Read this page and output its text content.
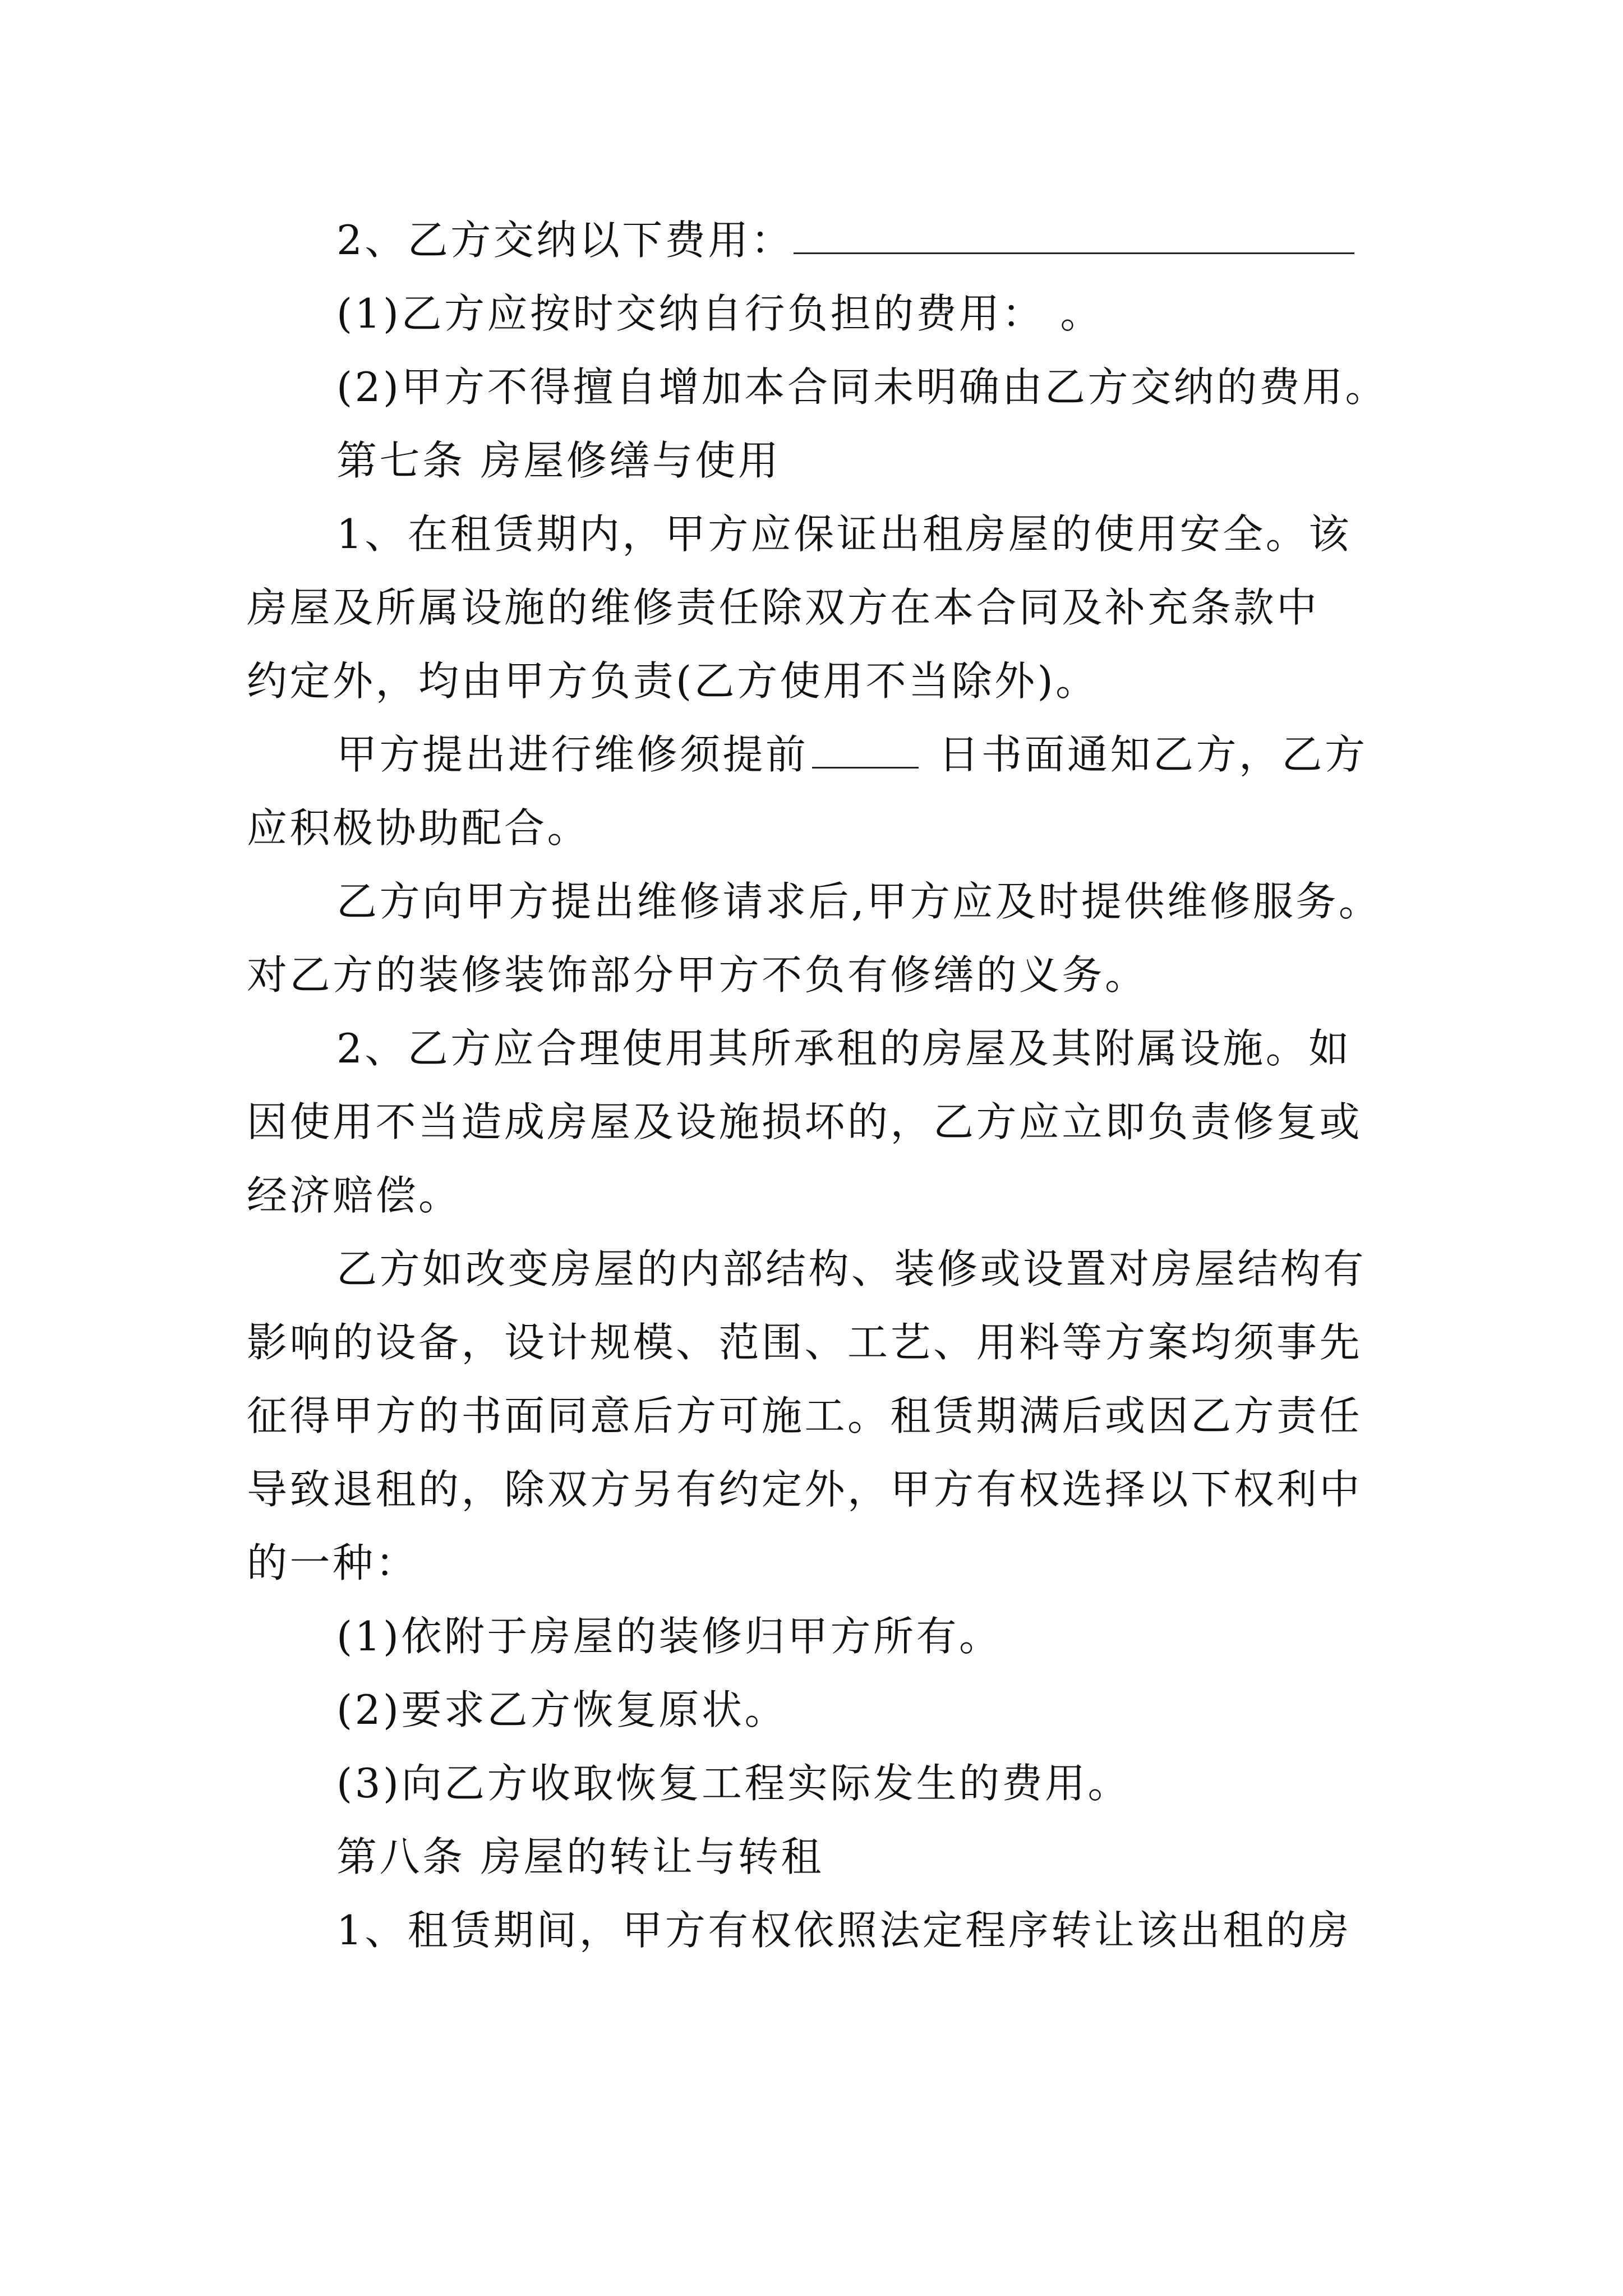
2、乙方交纳以下费用：

(1)乙方应按时交纳自行负担的费用： 。

(2)甲方不得擅自增加本合同未明确由乙方交纳的费用。

第七条 房屋修缮与使用

1、在租赁期内，甲方应保证出租房屋的使用安全。该

房屋及所属设施的维修责任除双方在本合同及补充条款中

约定外，均由甲方负责(乙方使用不当除外)。

甲方提出进行维修须提前	日书面通知乙方，乙方

应积极协助配合。

乙方向甲方提出维修请求后,甲方应及时提供维修服务。

对乙方的装修装饰部分甲方不负有修缮的义务。

2、乙方应合理使用其所承租的房屋及其附属设施。如

因使用不当造成房屋及设施损坏的，乙方应立即负责修复或

经济赔偿。

乙方如改变房屋的内部结构、装修或设置对房屋结构有

影响的设备，设计规模、范围、工艺、用料等方案均须事先

征得甲方的书面同意后方可施工。租赁期满后或因乙方责任

导致退租的，除双方另有约定外，甲方有权选择以下权利中

的一种：

(1)依附于房屋的装修归甲方所有。

(2)要求乙方恢复原状。

(3)向乙方收取恢复工程实际发生的费用。

第八条 房屋的转让与转租

1、租赁期间，甲方有权依照法定程序转让该出租的房
